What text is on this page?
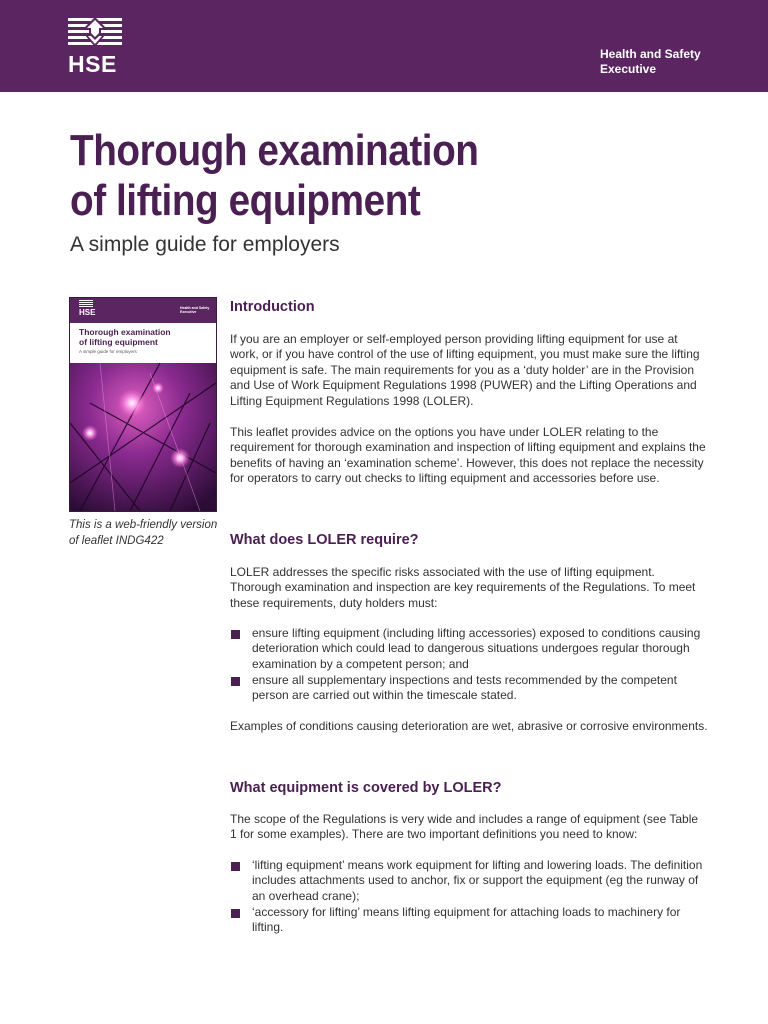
HSE	Health and Safety
Executive
Thorough examination
of lifting equipment
A simple guide for employers
HSE	Health and Safety
Executive
Thorough examination
of lifting equipment
A simple guide for employers
This is a web-friendly version
of leaflet INDG422
Introduction

If you are an employer or self-employed person providing lifting equipment for use at work, or if you have control of the use of lifting equipment, you must make sure the lifting equipment is safe. The main requirements for you as a ‘duty holder’ are in the Provision and Use of Work Equipment Regulations 1998 (PUWER) and the Lifting Operations and Lifting Equipment Regulations 1998 (LOLER).

This leaflet provides advice on the options you have under LOLER relating to the requirement for thorough examination and inspection of lifting equipment and explains the benefits of having an ‘examination scheme’. However, this does not replace the necessity for operators to carry out checks to lifting equipment and accessories before use.

What does LOLER require?

LOLER addresses the specific risks associated with the use of lifting equipment. Thorough examination and inspection are key requirements of the Regulations. To meet these requirements, duty holders must:

ensure lifting equipment (including lifting accessories) exposed to conditions causing deterioration which could lead to dangerous situations undergoes regular thorough examination by a competent person; and
ensure all supplementary inspections and tests recommended by the competent person are carried out within the timescale stated.

Examples of conditions causing deterioration are wet, abrasive or corrosive environments.

What equipment is covered by LOLER?

The scope of the Regulations is very wide and includes a range of equipment (see Table 1 for some examples). There are two important definitions you need to know:

‘lifting equipment’ means work equipment for lifting and lowering loads. The definition includes attachments used to anchor, fix or support the equipment (eg the runway of an overhead crane);
‘accessory for lifting’ means lifting equipment for attaching loads to machinery for lifting.
